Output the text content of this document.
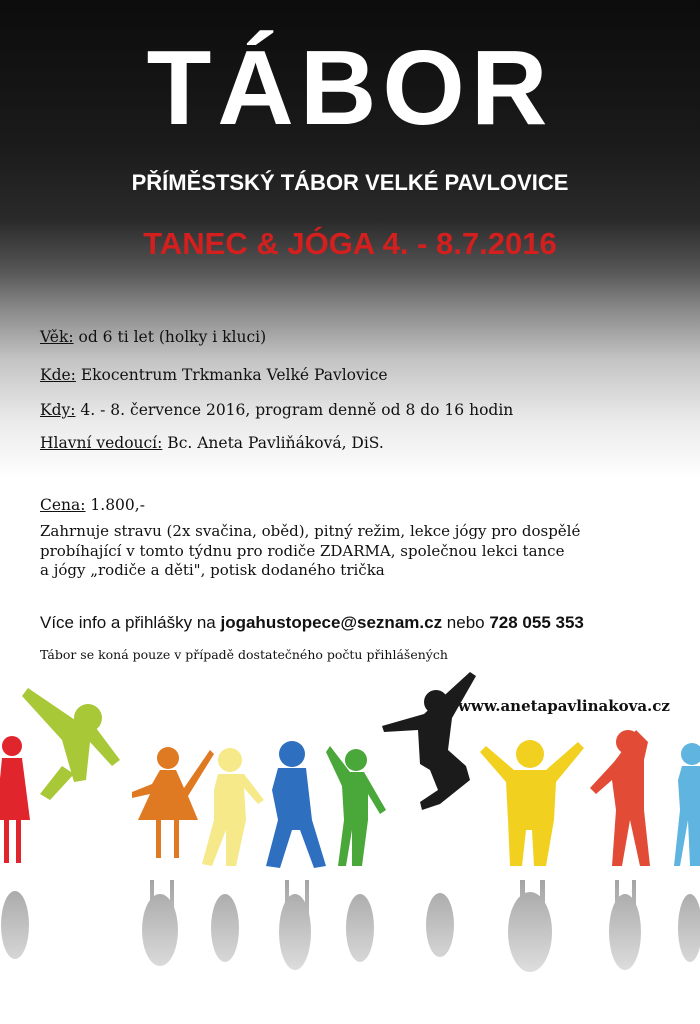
TÁBOR
PŘÍMĚSTSKÝ TÁBOR VELKÉ PAVLOVICE
TANEC & JÓGA 4. - 8.7.2016
Věk: od 6 ti let (holky i kluci)
Kde: Ekocentrum Trkmanka Velké Pavlovice
Kdy: 4. - 8. července 2016, program denně od 8 do 16 hodin
Hlavní vedoucí: Bc. Aneta Pavliňáková, DiS.
Cena: 1.800,-
Zahrnuje stravu (2x svačina, oběd), pitný režim, lekce jógy pro dospělé
probíhající v tomto týdnu pro rodiče ZDARMA, společnou lekci tance
a jógy „rodiče a děti", potisk dodaného trička
Více info a přihlášky na jogahustopece@seznam.cz nebo 728 055 353
Tábor se koná pouze v případě dostatečného počtu přihlášených
www.anetapavlinakova.cz
